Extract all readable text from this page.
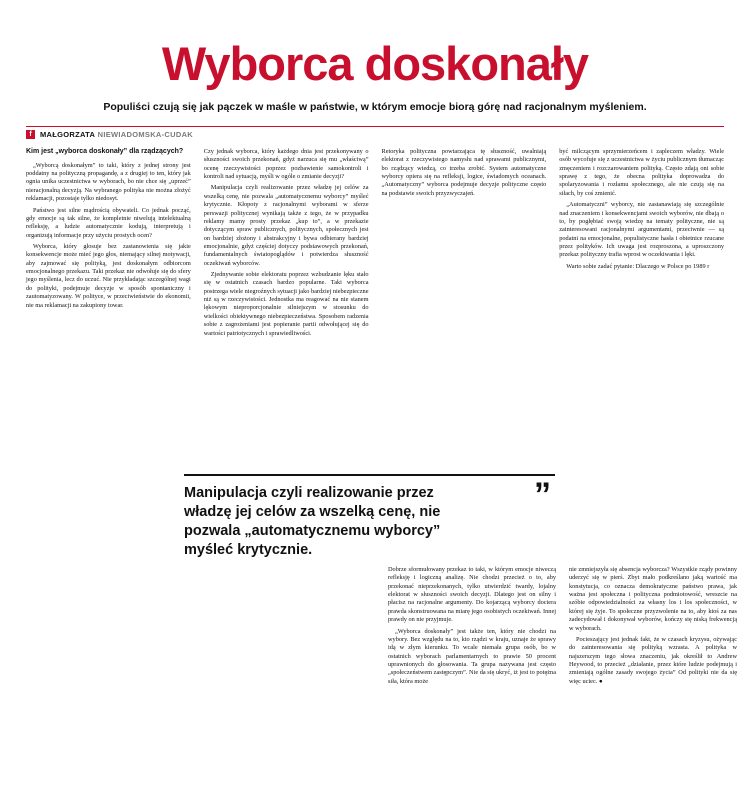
Wyborca doskonały
Populiści czują się jak pączek w maśle w państwie, w którym emocje biorą górę nad racjonalnym myśleniem.
f	MAŁGORZATA NIEWIADOMSKA-CUDAK
Kim jest „wyborca doskonały” dla rządzących?

„Wyborcą doskonałym” to taki, który z jednej strony jest poddatny na polityczną propagandę, a z drugiej to ten, który jak ognia unika uczestnictwa w wyborach, bo nie chce się „uprzeć” nieracjonalną decyzją. Na wybranego polityka nie można złożyć reklamacji, pozostaje tylko niedosyt.

Państwo jest silne mądrością obywateli. Co jednak począć, gdy emocje są tak silne, że kompletnie niwelują intelektualną refleksję, a ludzie automatycznie kodują, interpretują i organizują informacje przy użyciu prostych ocen?

Wyborca, który głosuje bez zastanowienia się jakie konsekwencje może mieć jego głos, niemający silnej motywacji, aby zajmować się polityką, jest doskonałym odbiorcom emocjonalnego przekazu. Taki przekaz nie odwołuje się do sfery jego myślenia, lecz do uczuć. Nie przykładając szczególnej wagi do polityki, podejmuje decyzje w sposób spontaniczny i zautomatyzowany. W polityce, w przeciwieństwie do ekonomii, nie ma reklamacji na zakupiony towar.

Czy jednak wyborca, który każdego dnia jest przekonywany o słuszności swoich przekonań, gdyż narzuca się mu „właściwą” ocenę rzeczywistości poprzez pozbawienie samokontroli i kontroli nad sytuacją, myśli w ogóle o zmianie decyzji?

Manipulacja czyli realizowanie przez władzę jej celów za wszelką cenę, nie pozwala „automatycznemu wyborcy” myśleć krytycznie. Kłopoty z racjonalnymi wyborami w sferze perswazji politycznej wynikają także z tego, że w przypadku reklamy mamy prosty przekaz „kup to”, a w przekazie dotyczącym spraw publicznych, politycznych, społecznych jest on bardziej złożony i abstrakcyjny i bywa odbierany bardziej emocjonalnie, gdyż częściej dotyczy podstawowych przekonań, fundamentalnych światopoglądów i potwierdza słuszność oczekiwań wyborców.

Zjednywanie sobie elektoratu poprzez wzbudzanie lęku stało się w ostatnich czasach bardzo popularne. Taki wyborca postrzega wiele niegroźnych sytuacji jako bardziej niebezpieczne niż są w rzeczywistości. Jednostka ma reagować na nie stanem lękowym nieproporcjonalnie silniejszym w stosunku do wielkości obiektywnego niebezpieczeństwa. Sposobem radzenia sobie z zagrożeniami jest popieranie partii odwołującej się do wartości patriotycznych i sprawiedliwości.

Retoryka polityczna powtarzająca tę słuszność, uwalniają elektorat z rzeczywistego namysłu nad sprawami publicznymi, bo rządzący wiedzą, co trzeba zrobić. System automatyczne wyborcy opiera się na refleksji, logice, świadomych oceanach. „Automatyczny” wyborca podejmuje decyzje polityczne często na podstawie swoich przyzwyczajeń.

być milczącym sprzymierzeńcem i zapleczem władzy. Wiele osób wycofuje się z uczestnictwa w życiu publicznym tłumacząc zmęczeniem i rozczarowaniem polityką. Często zdają oni sobie sprawę z tego, że obecna polityka doprowadza do spolaryzowania i rozłamu społecznego, ale nie czują się na siłach, by coś zmienić.

„Automatyczni” wyborcy, nie zastanawiają się szczególnie nad znaczeniem i konsekwencjami swoich wyborów, nie dbają o to, by pogłębiać swoją wiedzę na tematy polityczne, nie są zainteresowani racjonalnymi argumentami, przeciwnie — są podatni na emocjonalne, populistyczne hasła i obietnice rzucane przez polityków. Ich uwaga jest rozproszona, a uproszczony przekaz polityczny trafia wprost w oczekiwania i lęki.

Warto sobie zadać pytanie: Dlaczego w Polsce po 1989 r

”
Manipulacja czyli realizowanie przez władzę jej celów za wszelką cenę, nie pozwala „automatycznemu wyborcy” myśleć krytycznie.

Dobrze sformułowany przekaz to taki, w którym emocje niweczą refleksję i logiczną analizę. Nie chodzi przecież o to, aby przekonać nieprzekonanych, tylko utwierdzić twardy, lojalny elektorat w słuszności swoich decyzji. Dlatego jest on silny i płacisz na racjonalne argumenty. Do kojarzącą wyborcy dociera prawda skonstruowana na miarę jego osobistych oczekiwań. Innej prawdy on nie przyjmuje.

„Wyborca doskonały” jest także ten, który nie chodzi na wybory. Bez względu na to, kto rządzi w kraju, uznaje że sprawy idą w złym kierunku. To wcale niemała grupa osób, bo w ostatnich wyborach parlamentarnych to prawie 50 procent uprawnionych do głosowania. Ta grupa nazywana jest często „społeczeństwem zastępczym”. Nie da się ukryć, iż jest to potężna siła, która może

nie zmniejszyła się absencja wyborcza? Wszystkie rządy powinny uderzyć się w pierś. Zbyt mało podkreślano jaką wartość ma konstytucja, co oznacza demokratyczne państwo prawa, jak ważna jest społeczna i polityczna podmiotowość, wreszcie na szóbie odpowiedzialności za własny los i los społeczności, w której się żyje. To społeczne przyzwolenie na to, aby ktoś za nas zadecydował i dokonywał wyborów, kończy się niską frekwencją w wyborach.

Pocieszający jest jednak fakt, że w czasach kryzysu, ożywając do zainteresowania się polityką wzrasta. A polityka w najszerszym tego słowa znaczeniu, jak określił to Andrew Heywood, to przecież „działanie, przez które ludzie podejmują i zmieniają ogólne zasady swojego życia” Od polityki nie da się więc uciec. ●
